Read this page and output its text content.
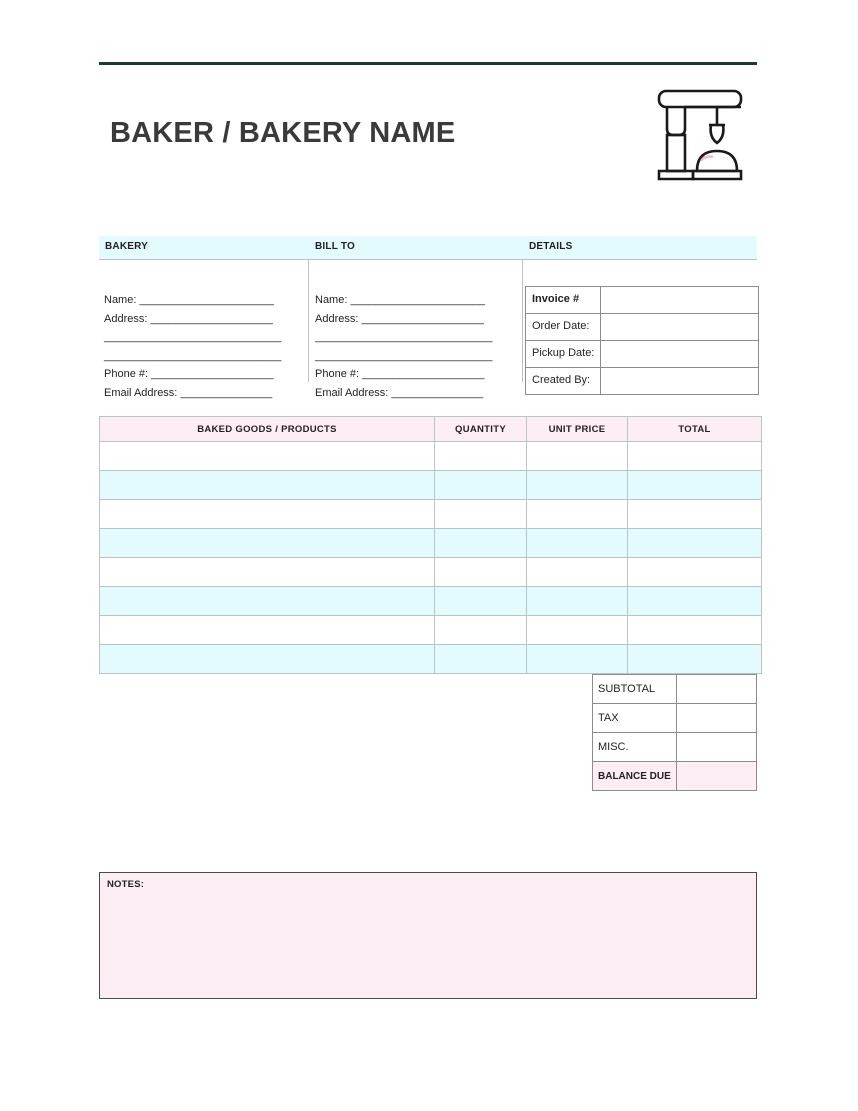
BAKER / BAKERY NAME
BAKERY	BILL TO	DETAILS
Name: ______________________
Address: ____________________
_____________________________
_____________________________
Phone #: ____________________
Email Address: _______________
Name: ______________________
Address: ____________________
_____________________________
_____________________________
Phone #: ____________________
Email Address: _______________
Invoice #
Order Date:
Pickup Date:
Created By:
BAKED GOODS / PRODUCTS	QUANTITY	UNIT PRICE	TOTAL

SUBTOTAL	
TAX	
MISC.	
BALANCE DUE	
NOTES:
